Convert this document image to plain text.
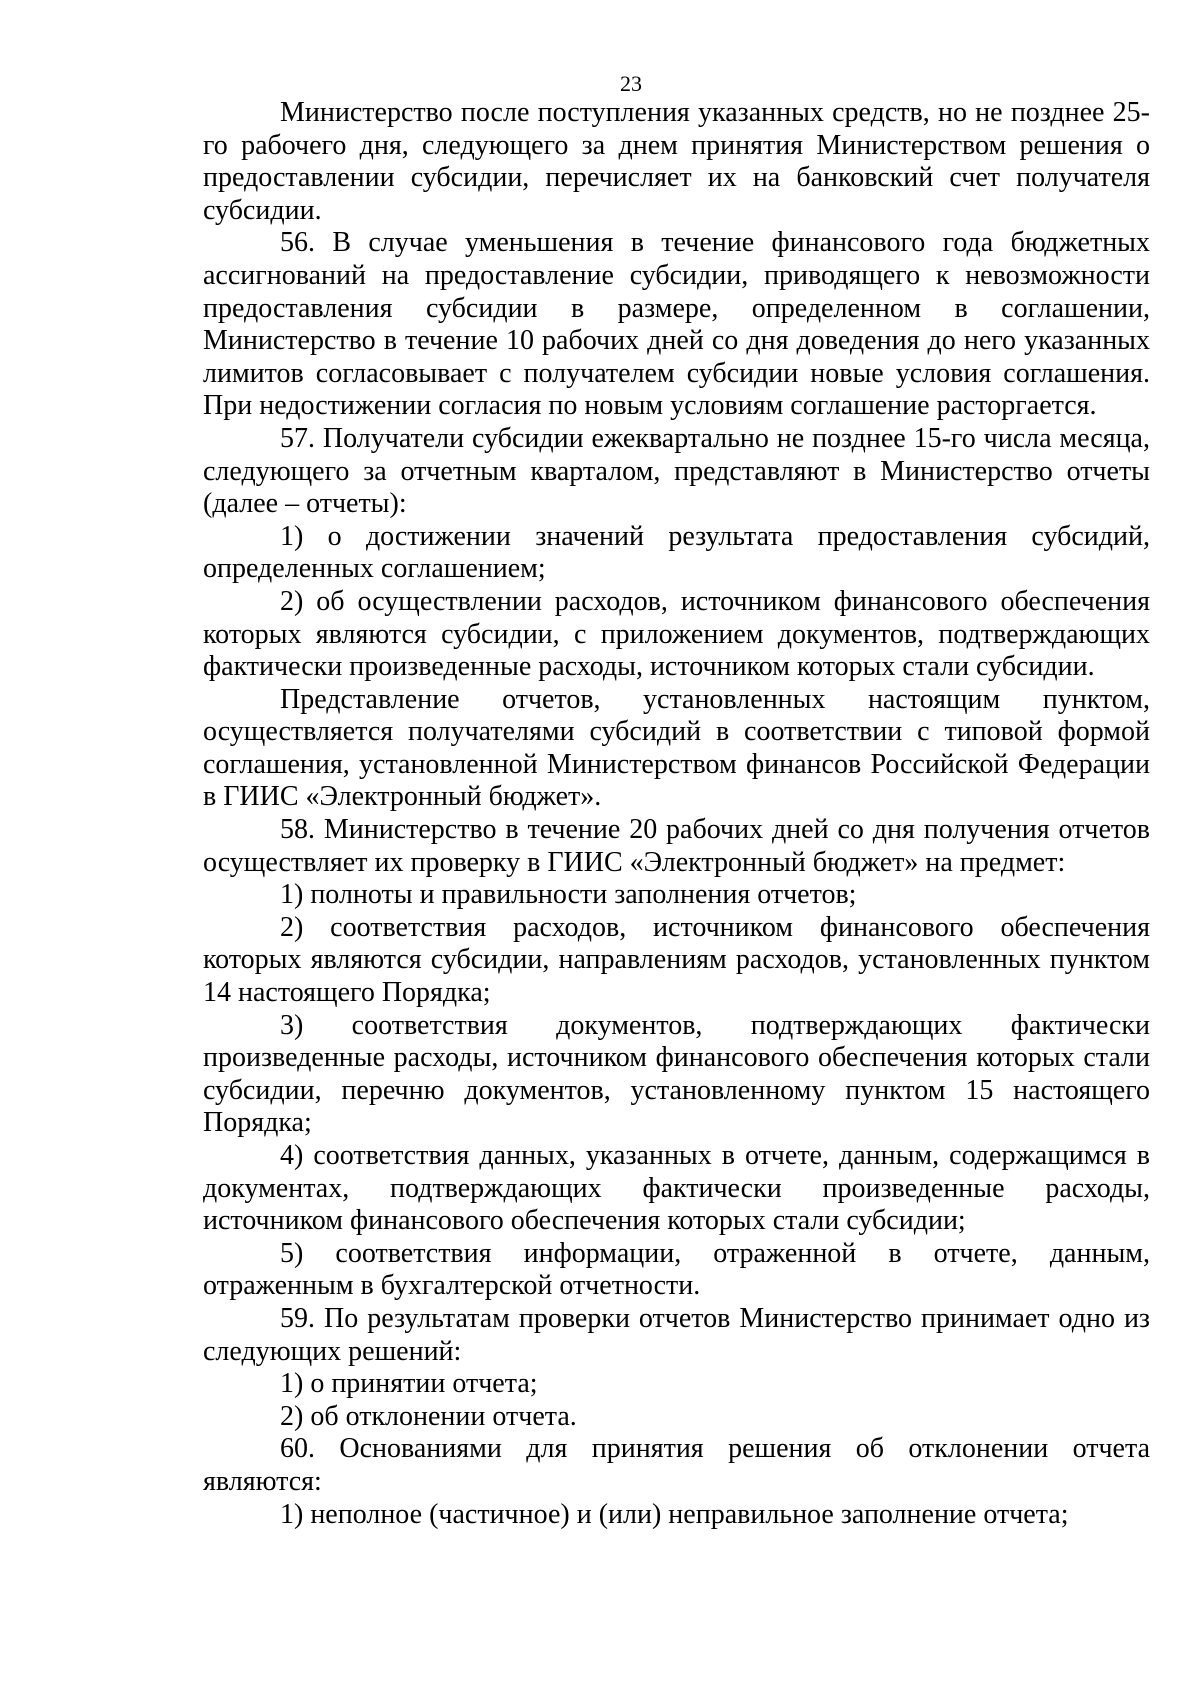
23

Министерство после поступления указанных средств, но не позднее 25-го рабочего дня, следующего за днем принятия Министерством решения о предоставлении субсидии, перечисляет их на банковский счет получателя субсидии.

56. В случае уменьшения в течение финансового года бюджетных ассигнований на предоставление субсидии, приводящего к невозможности предоставления субсидии в размере, определенном в соглашении, Министерство в течение 10 рабочих дней со дня доведения до него указанных лимитов согласовывает с получателем субсидии новые условия соглашения. При недостижении согласия по новым условиям соглашение расторгается.

57. Получатели субсидии ежеквартально не позднее 15-го числа месяца, следующего за отчетным кварталом, представляют в Министерство отчеты (далее – отчеты):

1) о достижении значений результата предоставления субсидий, определенных соглашением;

2) об осуществлении расходов, источником финансового обеспечения которых являются субсидии, с приложением документов, подтверждающих фактически произведенные расходы, источником которых стали субсидии.

Представление отчетов, установленных настоящим пунктом, осуществляется получателями субсидий в соответствии с типовой формой соглашения, установленной Министерством финансов Российской Федерации в ГИИС «Электронный бюджет».

58. Министерство в течение 20 рабочих дней со дня получения отчетов осуществляет их проверку в ГИИС «Электронный бюджет» на предмет:

1) полноты и правильности заполнения отчетов;

2) соответствия расходов, источником финансового обеспечения которых являются субсидии, направлениям расходов, установленных пунктом 14 настоящего Порядка;

3) соответствия документов, подтверждающих фактически произведенные расходы, источником финансового обеспечения которых стали субсидии, перечню документов, установленному пунктом 15 настоящего Порядка;

4) соответствия данных, указанных в отчете, данным, содержащимся в документах, подтверждающих фактически произведенные расходы, источником финансового обеспечения которых стали субсидии;

5) соответствия информации, отраженной в отчете, данным, отраженным в бухгалтерской отчетности.

59. По результатам проверки отчетов Министерство принимает одно из следующих решений:

1) о принятии отчета;

2) об отклонении отчета.

60. Основаниями для принятия решения об отклонении отчета являются:

1) неполное (частичное) и (или) неправильное заполнение отчета;
